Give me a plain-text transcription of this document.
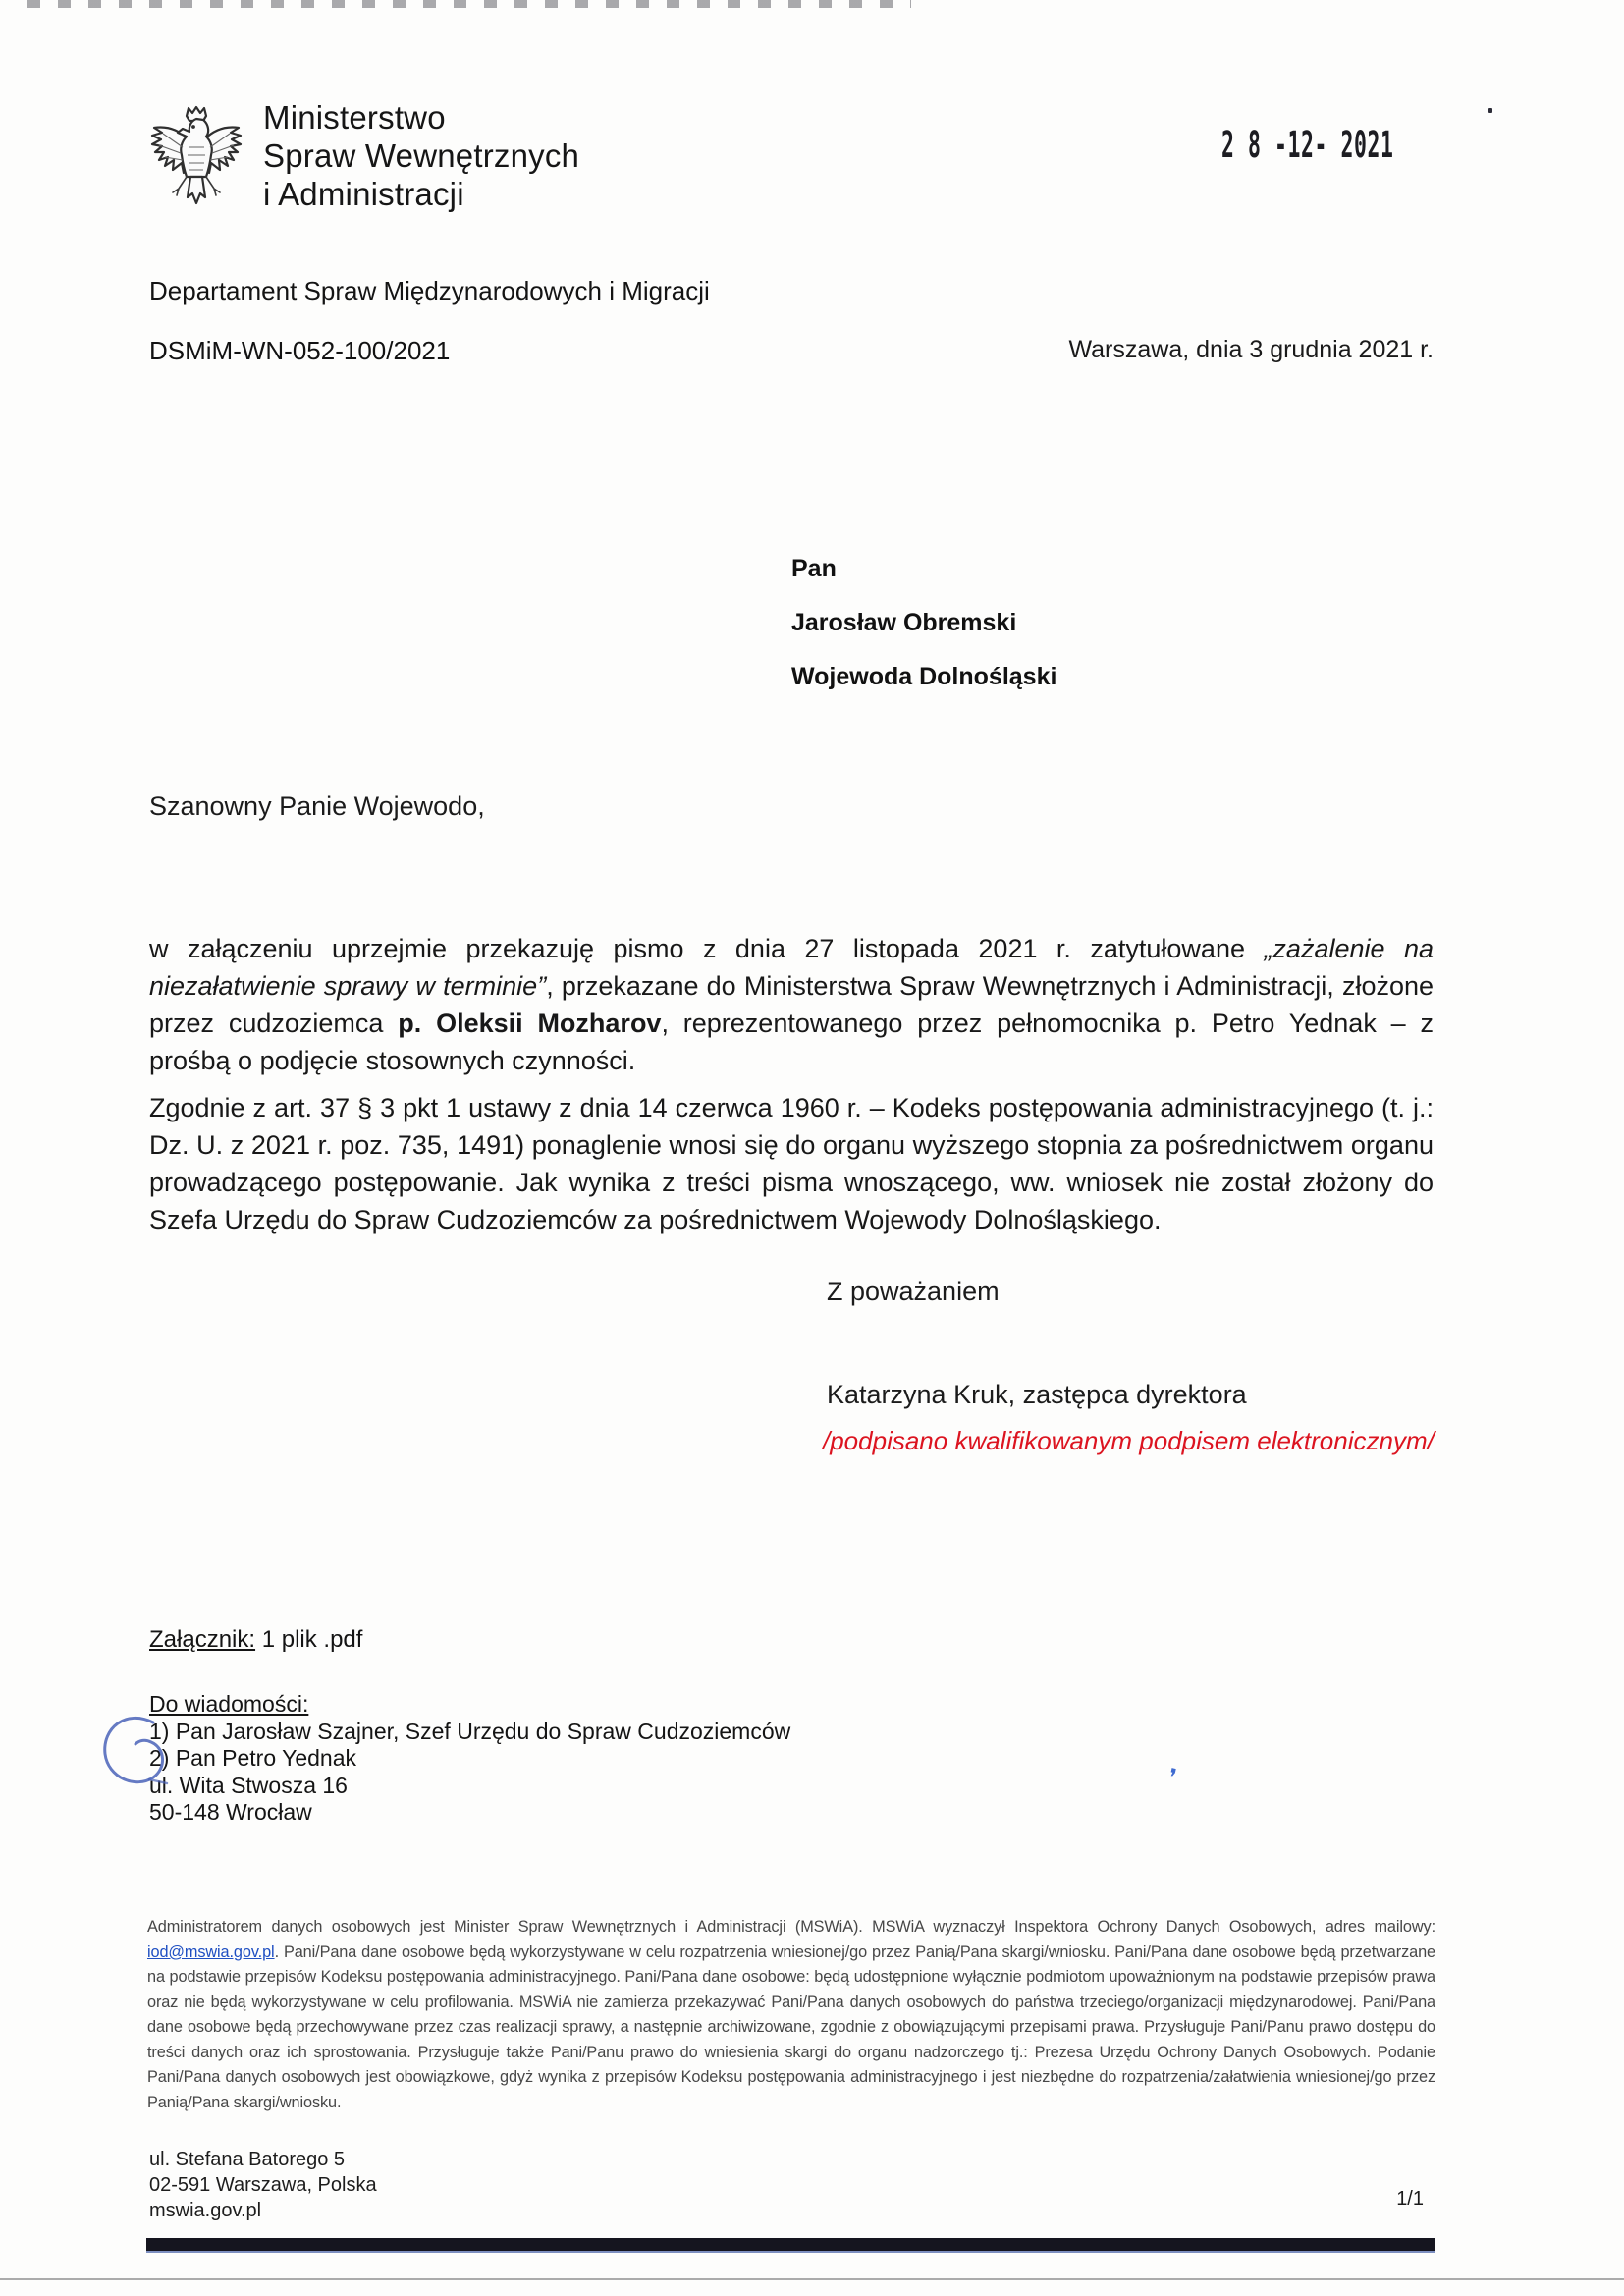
Ministerstwo
Spraw Wewnętrznych
i Administracji
2 8 -12- 2021
Departament Spraw Międzynarodowych i Migracji
DSMiM-WN-052-100/2021	Warszawa, dnia 3 grudnia 2021 r.
Pan
Jarosław Obremski
Wojewoda Dolnośląski
Szanowny Panie Wojewodo,

w załączeniu uprzejmie przekazuję pismo z dnia 27 listopada 2021 r. zatytułowane „zażalenie na niezałatwienie sprawy w terminie”, przekazane do Ministerstwa Spraw Wewnętrznych i Administracji, złożone przez cudzoziemca p. Oleksii Mozharov, reprezentowanego przez pełnomocnika p. Petro Yednak – z prośbą o podjęcie stosownych czynności.

Zgodnie z art. 37 § 3 pkt 1 ustawy z dnia 14 czerwca 1960 r. – Kodeks postępowania administracyjnego (t. j.: Dz. U. z 2021 r. poz. 735, 1491) ponaglenie wnosi się do organu wyższego stopnia za pośrednictwem organu prowadzącego postępowanie. Jak wynika z treści pisma wnoszącego, ww. wniosek nie został złożony do Szefa Urzędu do Spraw Cudzoziemców za pośrednictwem Wojewody Dolnośląskiego.

Z poważaniem
Katarzyna Kruk, zastępca dyrektora
/podpisano kwalifikowanym podpisem elektronicznym/
Załącznik: 1 plik .pdf
Do wiadomości:
1) Pan Jarosław Szajner, Szef Urzędu do Spraw Cudzoziemców
2) Pan Petro Yednak
ul. Wita Stwosza 16
50-148 Wrocław
❜

Administratorem danych osobowych jest Minister Spraw Wewnętrznych i Administracji (MSWiA). MSWiA wyznaczył Inspektora Ochrony Danych Osobowych, adres mailowy: iod@mswia.gov.pl. Pani/Pana dane osobowe będą wykorzystywane w celu rozpatrzenia wniesionej/go przez Panią/Pana skargi/wniosku. Pani/Pana dane osobowe będą przetwarzane na podstawie przepisów Kodeksu postępowania administracyjnego. Pani/Pana dane osobowe: będą udostępnione wyłącznie podmiotom upoważnionym na podstawie przepisów prawa oraz nie będą wykorzystywane w celu profilowania. MSWiA nie zamierza przekazywać Pani/Pana danych osobowych do państwa trzeciego/organizacji międzynarodowej. Pani/Pana dane osobowe będą przechowywane przez czas realizacji sprawy, a następnie archiwizowane, zgodnie z obowiązującymi przepisami prawa. Przysługuje Pani/Panu prawo dostępu do treści danych oraz ich sprostowania. Przysługuje także Pani/Panu prawo do wniesienia skargi do organu nadzorczego tj.: Prezesa Urzędu Ochrony Danych Osobowych. Podanie Pani/Pana danych osobowych jest obowiązkowe, gdyż wynika z przepisów Kodeksu postępowania administracyjnego i jest niezbędne do rozpatrzenia/załatwienia wniesionej/go przez Panią/Pana skargi/wniosku.

ul. Stefana Batorego 5
02-591 Warszawa, Polska
mswia.gov.pl
1/1
